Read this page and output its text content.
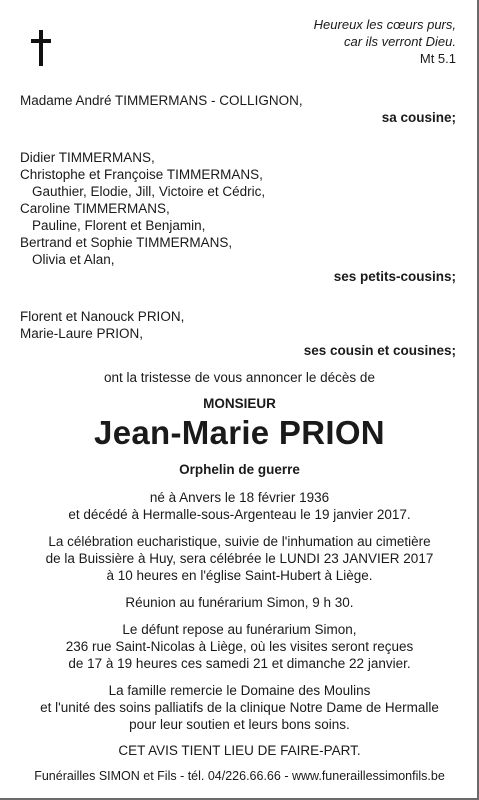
Heureux les cœurs purs,
car ils verront Dieu.
Mt 5.1
Madame André TIMMERMANS - COLLIGNON,
sa cousine;
Didier TIMMERMANS,
Christophe et Françoise TIMMERMANS,
Gauthier, Elodie, Jill, Victoire et Cédric,
Caroline TIMMERMANS,
Pauline, Florent et Benjamin,
Bertrand et Sophie TIMMERMANS,
Olivia et Alan,
ses petits-cousins;
Florent et Nanouck PRION,
Marie-Laure PRION,
ses cousin et cousines;
ont la tristesse de vous annoncer le décès de
MONSIEUR
Jean-Marie PRION
Orphelin de guerre
né à Anvers le 18 février 1936
et décédé à Hermalle-sous-Argenteau le 19 janvier 2017.
La célébration eucharistique, suivie de l'inhumation au cimetière
de la Buissière à Huy, sera célébrée le LUNDI 23 JANVIER 2017
à 10 heures en l'église Saint-Hubert à Liège.
Réunion au funérarium Simon, 9 h 30.
Le défunt repose au funérarium Simon,
236 rue Saint-Nicolas à Liège, où les visites seront reçues
de 17 à 19 heures ces samedi 21 et dimanche 22 janvier.
La famille remercie le Domaine des Moulins
et l'unité des soins palliatifs de la clinique Notre Dame de Hermalle
pour leur soutien et leurs bons soins.
CET AVIS TIENT LIEU DE FAIRE-PART.
Funérailles SIMON et Fils - tél. 04/226.66.66 - www.funeraillessimonfils.be
